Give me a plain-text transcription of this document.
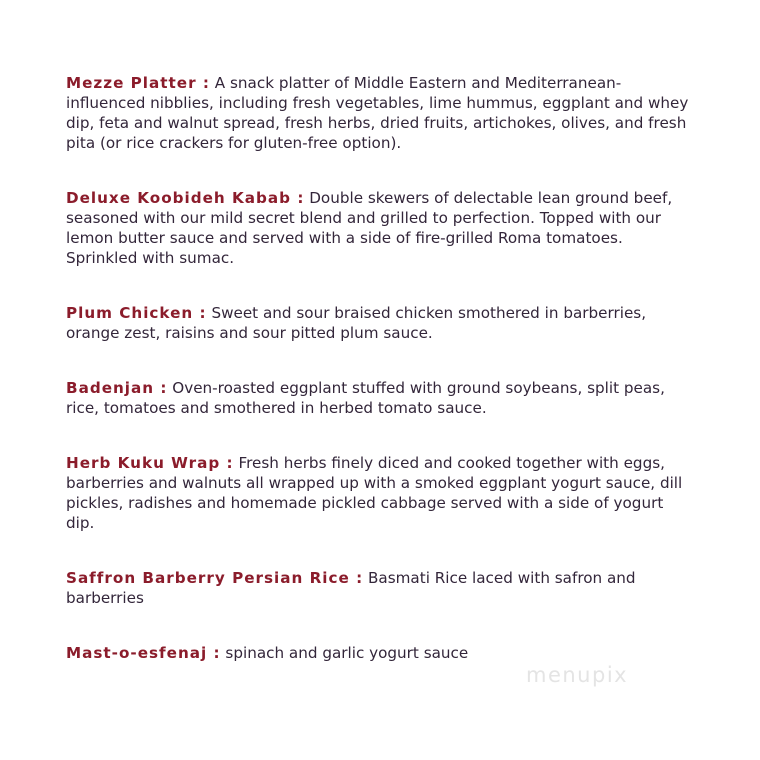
Mezze Platter : A snack platter of Middle Eastern and Mediterranean-influenced nibblies, including fresh vegetables, lime hummus, eggplant and whey dip, feta and walnut spread, fresh herbs, dried fruits, artichokes, olives, and fresh pita (or rice crackers for gluten-free option).

Deluxe Koobideh Kabab : Double skewers of delectable lean ground beef, seasoned with our mild secret blend and grilled to perfection. Topped with our lemon butter sauce and served with a side of fire-grilled Roma tomatoes. Sprinkled with sumac.

Plum Chicken : Sweet and sour braised chicken smothered in barberries, orange zest, raisins and sour pitted plum sauce.

Badenjan : Oven-roasted eggplant stuffed with ground soybeans, split peas, rice, tomatoes and smothered in herbed tomato sauce.

Herb Kuku Wrap : Fresh herbs finely diced and cooked together with eggs, barberries and walnuts all wrapped up with a smoked eggplant yogurt sauce, dill pickles, radishes and homemade pickled cabbage served with a side of yogurt dip.

Saffron Barberry Persian Rice : Basmati Rice laced with safron and barberries

Mast-o-esfenaj : spinach and garlic yogurt sauce

menupix
